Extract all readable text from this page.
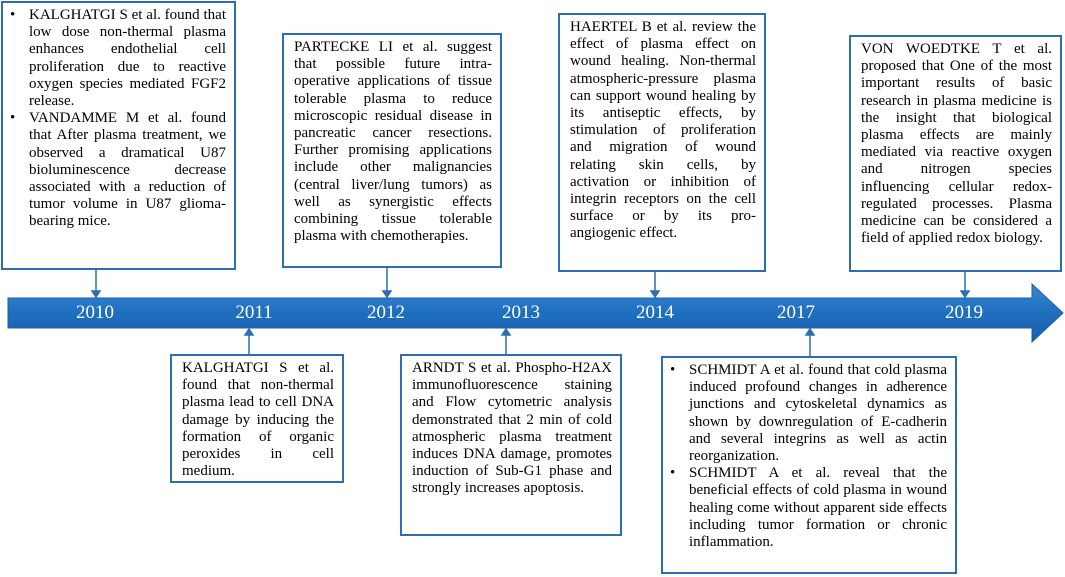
2010	2011	2012	2013	2014	2017	2019
• KALGHATGI S et al. found that low dose non-thermal plasma enhances endothelial cell proliferation due to reactive oxygen species mediated FGF2 release.
• VANDAMME M et al. found that After plasma treatment, we observed a dramatical U87 bioluminescence decrease associated with a reduction of tumor volume in U87 glioma-bearing mice.

PARTECKE LI et al. suggest that possible future intra-operative applications of tissue tolerable plasma to reduce microscopic residual disease in pancreatic cancer resections. Further promising applications include other malignancies (central liver/lung tumors) as well as synergistic effects combining tissue tolerable plasma with chemotherapies.

HAERTEL B et al. review the effect of plasma effect on wound healing. Non-thermal atmospheric-pressure plasma can support wound healing by its antiseptic effects, by stimulation of proliferation and migration of wound relating skin cells, by activation or inhibition of integrin receptors on the cell surface or by its pro-angiogenic effect.

VON WOEDTKE T et al. proposed that One of the most important results of basic research in plasma medicine is the insight that biological plasma effects are mainly mediated via reactive oxygen and nitrogen species influencing cellular redox-regulated processes. Plasma medicine can be considered a field of applied redox biology.

KALGHATGI S et al. found that non-thermal plasma lead to cell DNA damage by inducing the formation of organic peroxides in cell medium.

ARNDT S et al. Phospho-H2AX immunofluorescence staining and Flow cytometric analysis demonstrated that 2 min of cold atmospheric plasma treatment induces DNA damage, promotes induction of Sub-G1 phase and strongly increases apoptosis.

• SCHMIDT A et al. found that cold plasma induced profound changes in adherence junctions and cytoskeletal dynamics as shown by downregulation of E-cadherin and several integrins as well as actin reorganization.
• SCHMIDT A et al. reveal that the beneficial effects of cold plasma in wound healing come without apparent side effects including tumor formation or chronic inflammation.
